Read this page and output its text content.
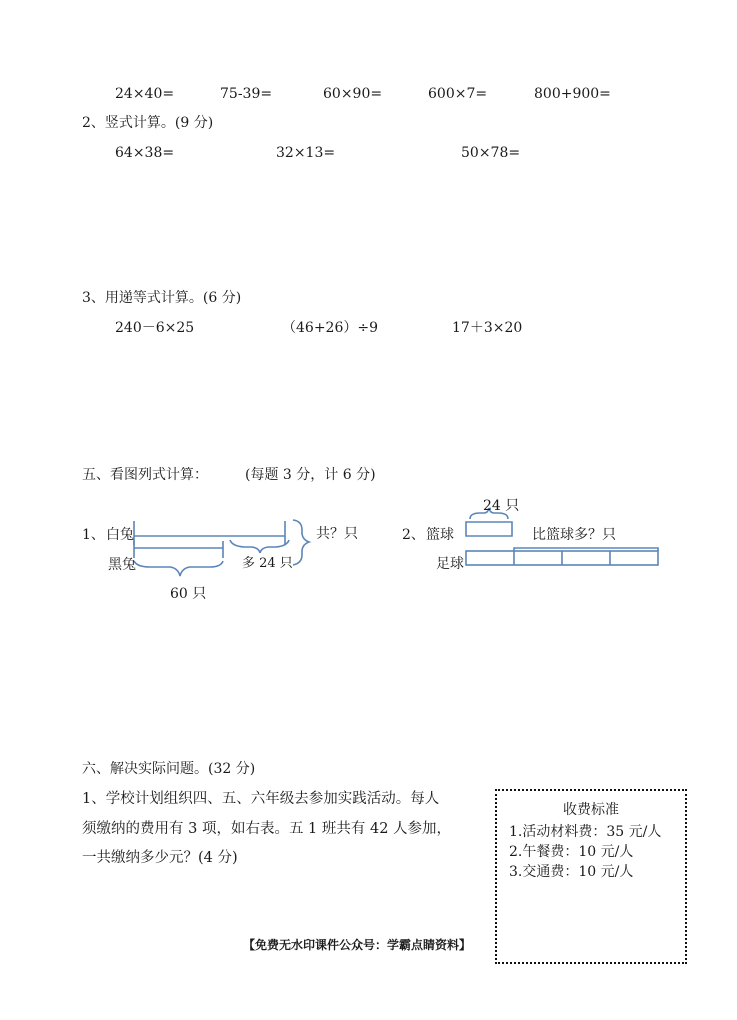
24×40=	75-39=	60×90=	600×7=	800+900=
2、竖式计算。(9 分)
64×38=	32×13=	50×78=
3、用递等式计算。(6 分)
240－6×25	（46+26）÷9	17＋3×20
五、看图列式计算：	(每题 3 分，计 6 分)
1、 白兔
黑兔	多 24 只
共？只
60 只
2、 篮球
足球
24 只
比篮球多？只
六、解决实际问题。(32 分)
1、学校计划组织四、五、六年级去参加实践活动。每人
须缴纳的费用有 3 项，如右表。五 1 班共有 42 人参加，
一共缴纳多少元？(4 分)
收费标准
1.活动材料费：35 元/人
2.午餐费：10 元/人
3.交通费：10 元/人
【免费无水印课件公众号：学霸点睛资料】
